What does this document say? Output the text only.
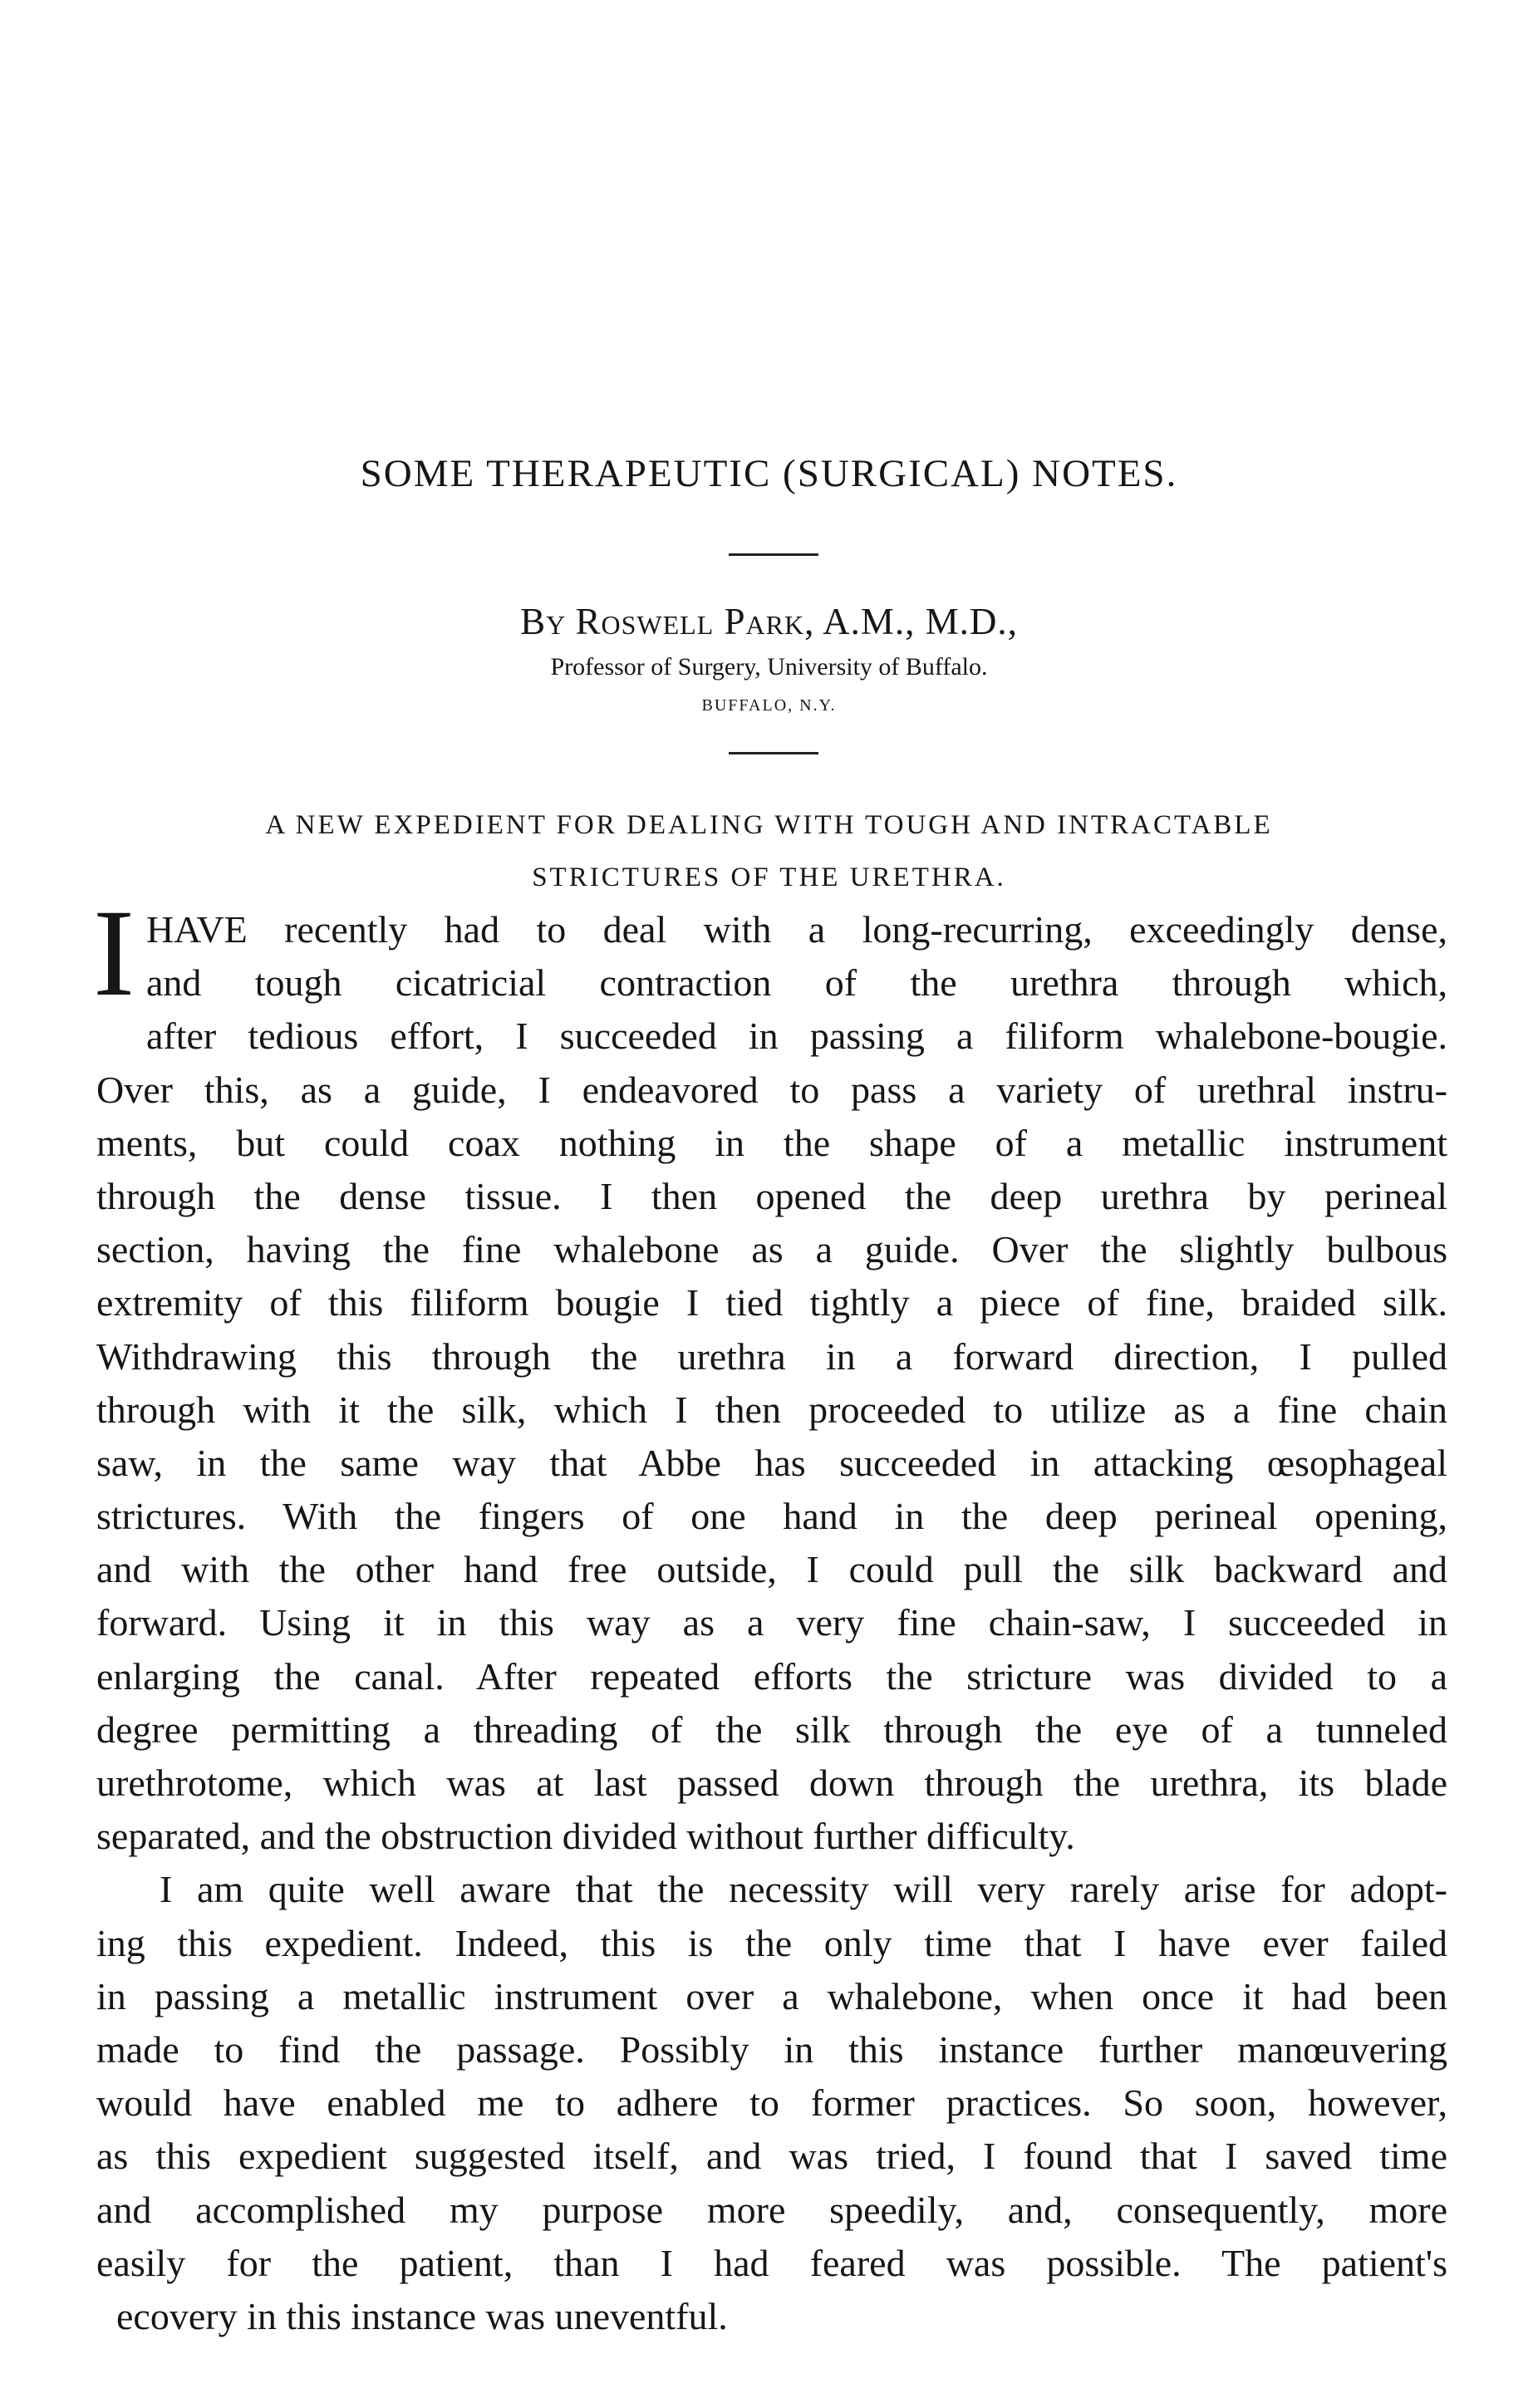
SOME THERAPEUTIC (SURGICAL) NOTES.
By Roswell Park, A.M., M.D.,
Professor of Surgery, University of Buffalo.
BUFFALO, N.Y.
A NEW EXPEDIENT FOR DEALING WITH TOUGH AND INTRACTABLE
STRICTURES OF THE URETHRA.

I HAVE recently had to deal with a long-recurring, exceedingly dense,
and tough cicatricial contraction of the urethra through which,
after tedious effort, I succeeded in passing a filiform whalebone-bougie.
Over this, as a guide, I endeavored to pass a variety of urethral instru-
ments, but could coax nothing in the shape of a metallic instrument
through the dense tissue. I then opened the deep urethra by perineal
section, having the fine whalebone as a guide. Over the slightly bulbous
extremity of this filiform bougie I tied tightly a piece of fine, braided silk.
Withdrawing this through the urethra in a forward direction, I pulled
through with it the silk, which I then proceeded to utilize as a fine chain
saw, in the same way that Abbe has succeeded in attacking œsophageal
strictures. With the fingers of one hand in the deep perineal opening,
and with the other hand free outside, I could pull the silk backward and
forward. Using it in this way as a very fine chain-saw, I succeeded in
enlarging the canal. After repeated efforts the stricture was divided to a
degree permitting a threading of the silk through the eye of a tunneled
urethrotome, which was at last passed down through the urethra, its blade
separated, and the obstruction divided without further difficulty.

I am quite well aware that the necessity will very rarely arise for adopt-
ing this expedient. Indeed, this is the only time that I have ever failed
in passing a metallic instrument over a whalebone, when once it had been
made to find the passage. Possibly in this instance further manœuvering
would have enabled me to adhere to former practices. So soon, however,
as this expedient suggested itself, and was tried, I found that I saved time
and accomplished my purpose more speedily, and, consequently, more
easily for the patient, than I had feared was possible. The patient's
ecovery in this instance was uneventful.
